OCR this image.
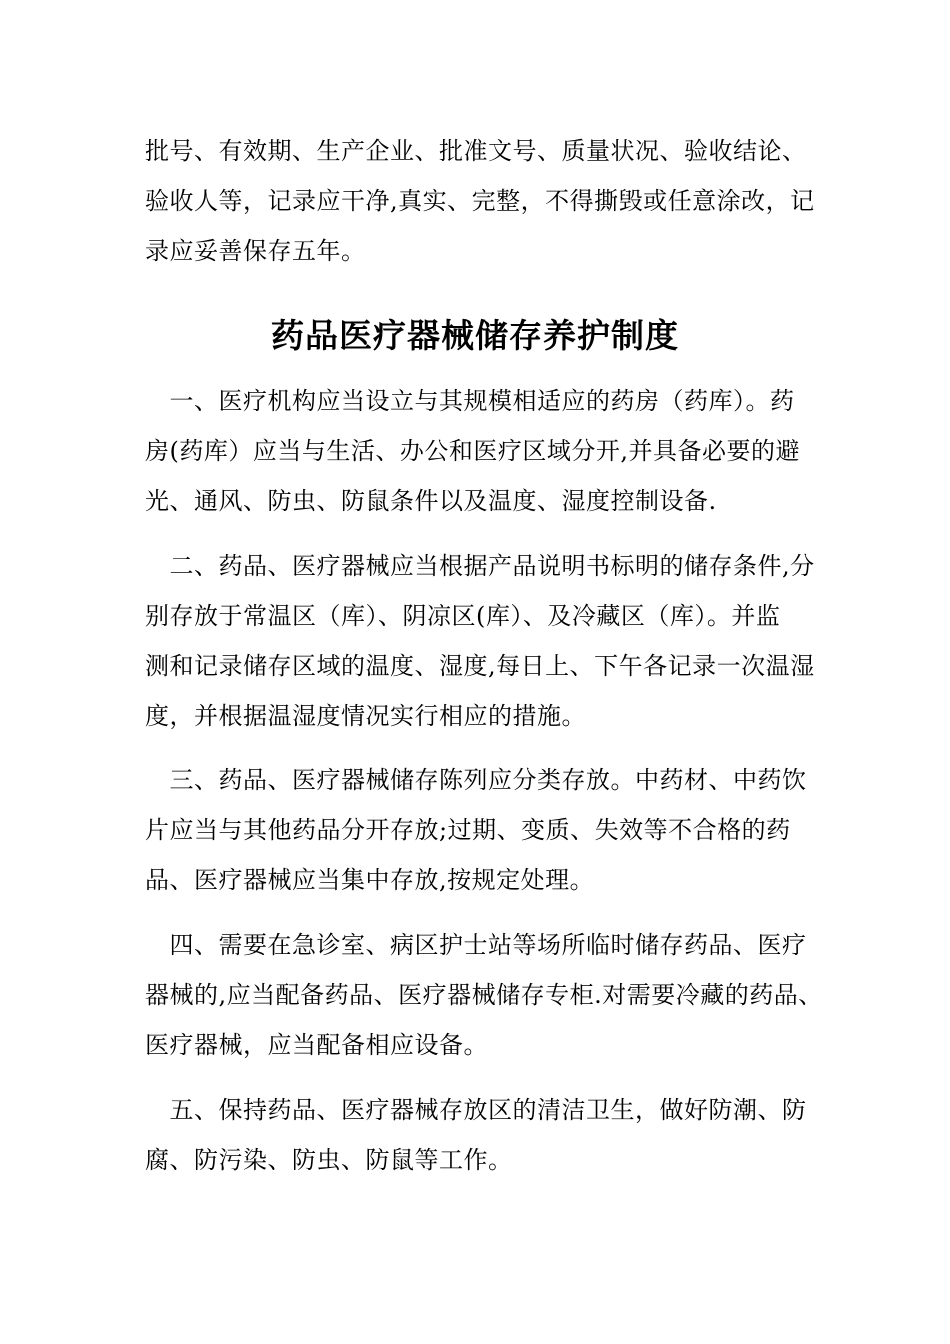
批号、有效期、生产企业、批准文号、质量状况、验收结论、
验收人等，记录应干净,真实、完整，不得撕毁或任意涂改，记
录应妥善保存五年。
药品医疗器械储存养护制度
　一、医疗机构应当设立与其规模相适应的药房（药库）。药
房(药库）应当与生活、办公和医疗区域分开,并具备必要的避
光、通风、防虫、防鼠条件以及温度、湿度控制设备.
　二、药品、医疗器械应当根据产品说明书标明的储存条件,分
别存放于常温区（库）、阴凉区(库）、及冷藏区（库）。并监
测和记录储存区域的温度、湿度,每日上、下午各记录一次温湿
度，并根据温湿度情况实行相应的措施。
　三、药品、医疗器械储存陈列应分类存放。中药材、中药饮
片应当与其他药品分开存放;过期、变质、失效等不合格的药
品、医疗器械应当集中存放,按规定处理。
　四、需要在急诊室、病区护士站等场所临时储存药品、医疗
器械的,应当配备药品、医疗器械储存专柜.对需要冷藏的药品、
医疗器械，应当配备相应设备。
　五、保持药品、医疗器械存放区的清洁卫生，做好防潮、防
腐、防污染、防虫、防鼠等工作。
